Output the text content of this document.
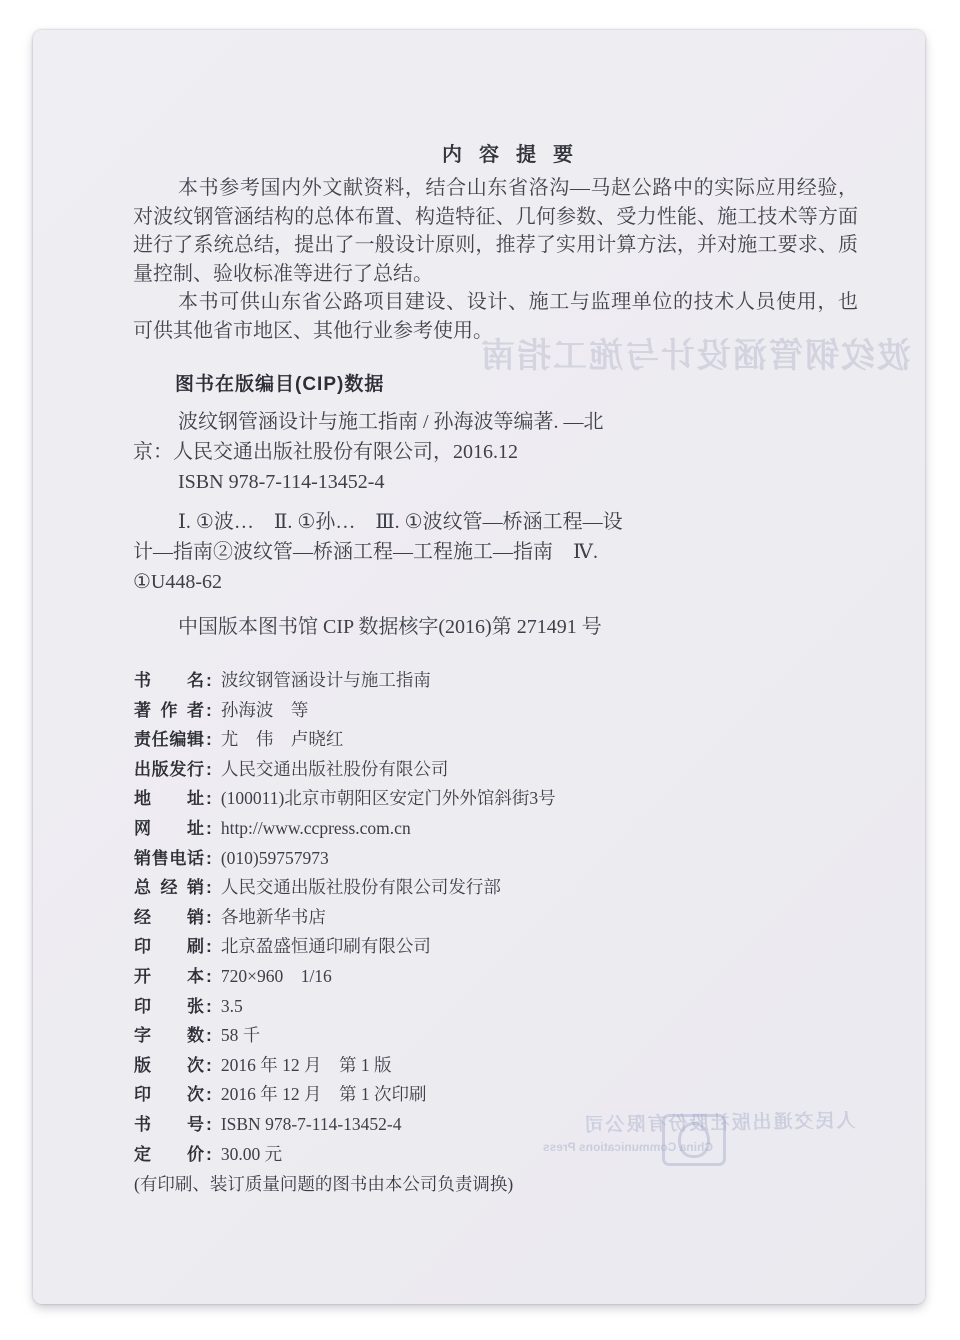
波纹钢管涵设计与施工指南
人民交通出版社股份有限公司
China Communications Press
内 容 提 要
本书参考国内外文献资料，结合山东省洛沟—马赵公路中的实际应用经验，
对波纹钢管涵结构的总体布置、构造特征、几何参数、受力性能、施工技术等方面
进行了系统总结，提出了一般设计原则，推荐了实用计算方法，并对施工要求、质
量控制、验收标准等进行了总结。
本书可供山东省公路项目建设、设计、施工与监理单位的技术人员使用，也
可供其他省市地区、其他行业参考使用。
图书在版编目(CIP)数据
波纹钢管涵设计与施工指南 / 孙海波等编著. —北
京：人民交通出版社股份有限公司，2016.12
ISBN 978-7-114-13452-4
Ⅰ. ①波…　Ⅱ. ①孙…　Ⅲ. ①波纹管—桥涵工程—设
计—指南②波纹管—桥涵工程—工程施工—指南　Ⅳ.
①U448-62
中国版本图书馆 CIP 数据核字(2016)第 271491 号
书名 : 波纹钢管涵设计与施工指南
著作者 : 孙海波　等
责任编辑 : 尤　伟　卢晓红
出版发行 : 人民交通出版社股份有限公司
地址 : (100011)北京市朝阳区安定门外外馆斜街3号
网址 : http://www.ccpress.com.cn
销售电话 : (010)59757973
总经销 : 人民交通出版社股份有限公司发行部
经销 : 各地新华书店
印刷 : 北京盈盛恒通印刷有限公司
开本 : 720×960　1/16
印张 : 3.5
字数 : 58 千
版次 : 2016 年 12 月　第 1 版
印次 : 2016 年 12 月　第 1 次印刷
书号 : ISBN 978-7-114-13452-4
定价 : 30.00 元
(有印刷、装订质量问题的图书由本公司负责调换)
